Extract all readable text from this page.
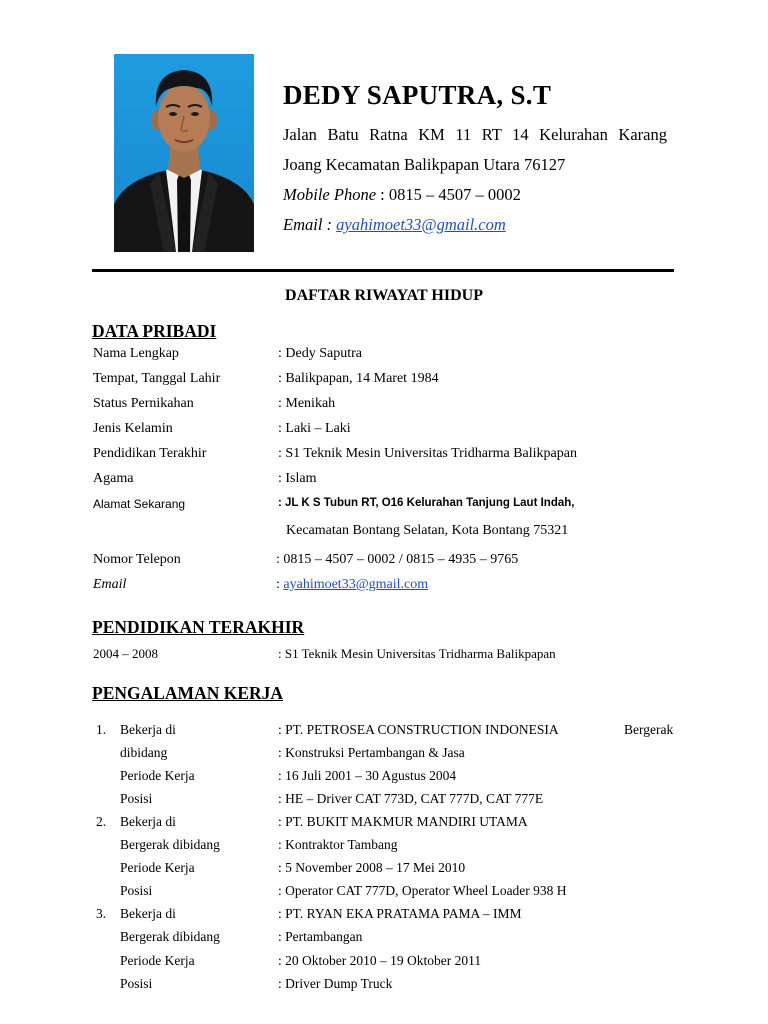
DEDY SAPUTRA, S.T
Jalan Batu Ratna KM 11 RT 14 Kelurahan Karang
Joang Kecamatan Balikpapan Utara 76127
Mobile Phone : 0815 – 4507 – 0002
Email : ayahimoet33@gmail.com
DAFTAR RIWAYAT HIDUP
DATA PRIBADI
Nama Lengkap	: Dedy Saputra
Tempat, Tanggal Lahir	: Balikpapan, 14 Maret 1984
Status Pernikahan	: Menikah
Jenis Kelamin	: Laki – Laki
Pendidikan Terakhir	: S1 Teknik Mesin Universitas Tridharma Balikpapan
Agama	: Islam
Alamat Sekarang	: JL K S Tubun RT, O16 Kelurahan Tanjung Laut Indah,
Kecamatan Bontang Selatan, Kota Bontang 75321
Nomor Telepon	: 0815 – 4507 – 0002 / 0815 – 4935 – 9765
Email	: ayahimoet33@gmail.com
PENDIDIKAN TERAKHIR
2004 – 2008	: S1 Teknik Mesin Universitas Tridharma Balikpapan
PENGALAMAN KERJA
1. Bekerja di	: PT. PETROSEA CONSTRUCTION INDONESIA	Bergerak
dibidang	: Konstruksi Pertambangan & Jasa
Periode Kerja	: 16 Juli 2001 – 30 Agustus 2004
Posisi	: HE – Driver CAT 773D, CAT 777D, CAT 777E
2. Bekerja di	: PT. BUKIT MAKMUR MANDIRI UTAMA
Bergerak dibidang	: Kontraktor Tambang
Periode Kerja	: 5 November 2008 – 17 Mei 2010
Posisi	: Operator CAT 777D, Operator Wheel Loader 938 H
3. Bekerja di	: PT. RYAN EKA PRATAMA PAMA – IMM
Bergerak dibidang	: Pertambangan
Periode Kerja	: 20 Oktober 2010 – 19 Oktober 2011
Posisi	: Driver Dump Truck
